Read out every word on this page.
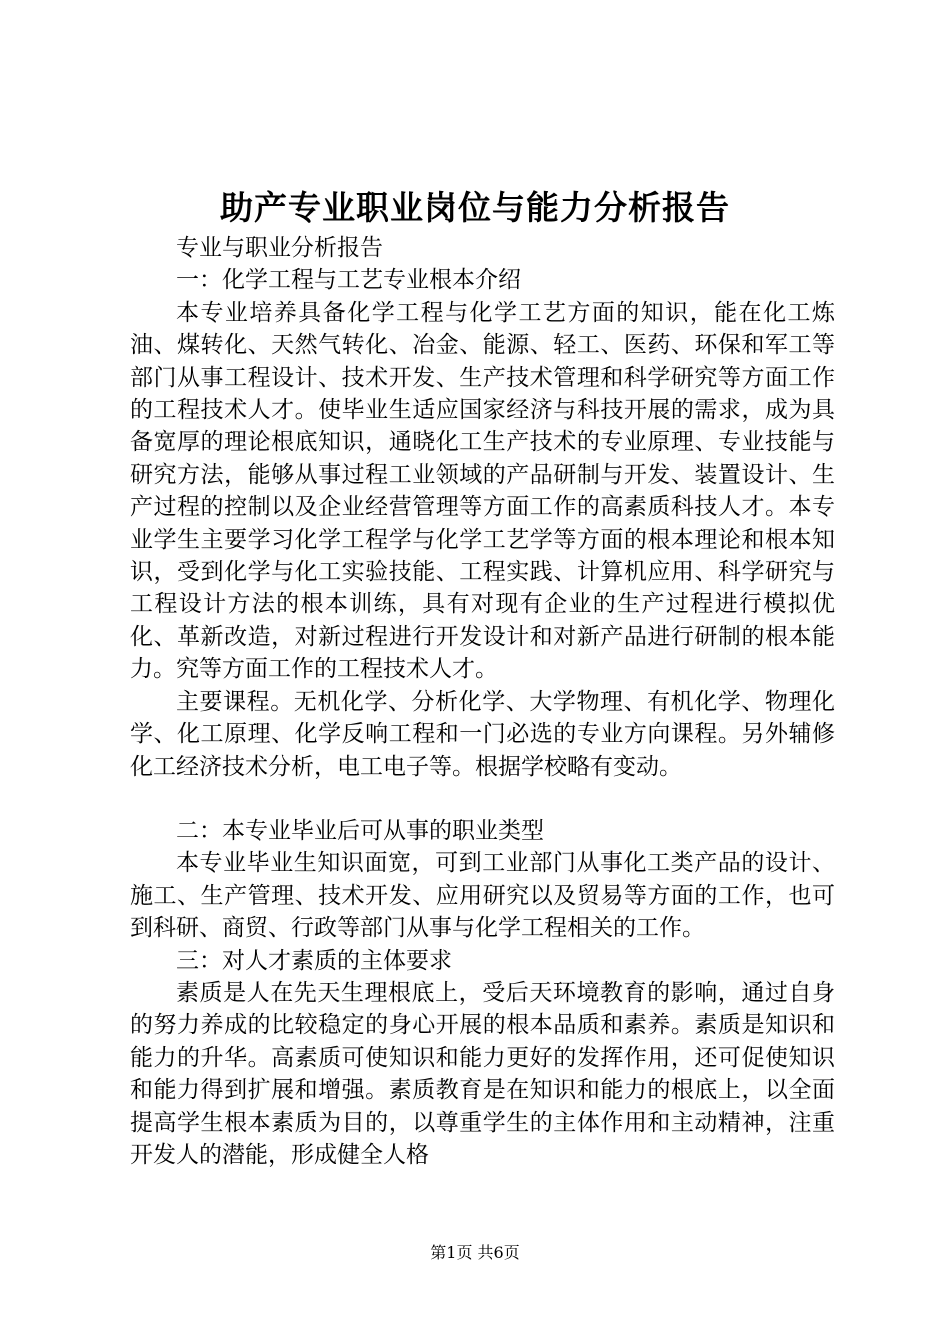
助产专业职业岗位与能力分析报告

专业与职业分析报告

一：化学工程与工艺专业根本介绍

本专业培养具备化学工程与化学工艺方面的知识，能在化工炼油、煤转化、天然气转化、冶金、能源、轻工、医药、环保和军工等部门从事工程设计、技术开发、生产技术管理和科学研究等方面工作的工程技术人才。使毕业生适应国家经济与科技开展的需求，成为具备宽厚的理论根底知识，通晓化工生产技术的专业原理、专业技能与研究方法，能够从事过程工业领域的产品研制与开发、装置设计、生产过程的控制以及企业经营管理等方面工作的高素质科技人才。本专业学生主要学习化学工程学与化学工艺学等方面的根本理论和根本知识，受到化学与化工实验技能、工程实践、计算机应用、科学研究与工程设计方法的根本训练，具有对现有企业的生产过程进行模拟优化、革新改造，对新过程进行开发设计和对新产品进行研制的根本能力。究等方面工作的工程技术人才。

主要课程。无机化学、分析化学、大学物理、有机化学、物理化学、化工原理、化学反响工程和一门必选的专业方向课程。另外辅修化工经济技术分析，电工电子等。根据学校略有变动。

二：本专业毕业后可从事的职业类型

本专业毕业生知识面宽，可到工业部门从事化工类产品的设计、施工、生产管理、技术开发、应用研究以及贸易等方面的工作，也可到科研、商贸、行政等部门从事与化学工程相关的工作。

三：对人才素质的主体要求

素质是人在先天生理根底上，受后天环境教育的影响，通过自身的努力养成的比较稳定的身心开展的根本品质和素养。素质是知识和能力的升华。高素质可使知识和能力更好的发挥作用，还可促使知识和能力得到扩展和增强。素质教育是在知识和能力的根底上，以全面提高学生根本素质为目的，以尊重学生的主体作用和主动精神，注重开发人的潜能，形成健全人格

第1页 共6页
